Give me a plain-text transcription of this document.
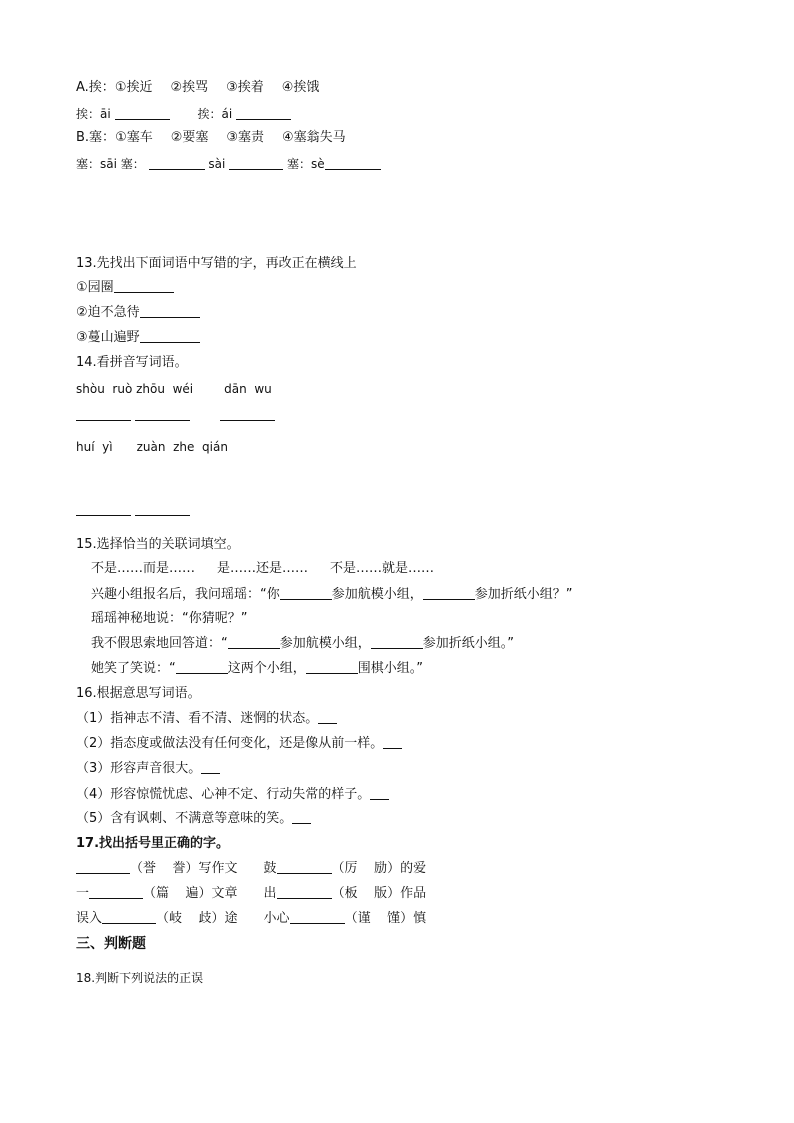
A.挨：①挨近 ②挨骂 ③挨着 ④挨饿
挨：āi	挨：ái
B.塞：①塞车 ②要塞 ③塞责 ④塞翁失马
塞：sāi 塞：	sài	塞：sè
13.先找出下面词语中写错的字，再改正在横线上
①园圈
②迫不急待
③蔓山遍野
14.看拼音写词语。
shòu  ruò zhōu  wéi	dān  wu

huí  yì zuàn  zhe  qián

15.选择恰当的关联词填空。
不是……而是…… 是……还是…… 不是……就是……
兴趣小组报名后，我问瑶瑶：“你	参加航模小组，	参加折纸小组？”
瑶瑶神秘地说：“你猜呢？”
我不假思索地回答道：“	参加航模小组，	参加折纸小组。”
她笑了笑说：“	这两个小组，	围棋小组。”
16.根据意思写词语。
（1）指神志不清、看不清、迷惘的状态。
（2）指态度或做法没有任何变化，还是像从前一样。
（3）形容声音很大。
（4）形容惊慌忧虑、心神不定、行动失常的样子。
（5）含有讽刺、不满意等意味的笑。
17.找出括号里正确的字。
（誉    誊）写作文 鼓	（厉    励）的爱
一	（篇    遍）文章 出	（板    版）作品
误入	（岐    歧）途 小心	（谨    馑）慎
三、判断题
18.判断下列说法的正误
